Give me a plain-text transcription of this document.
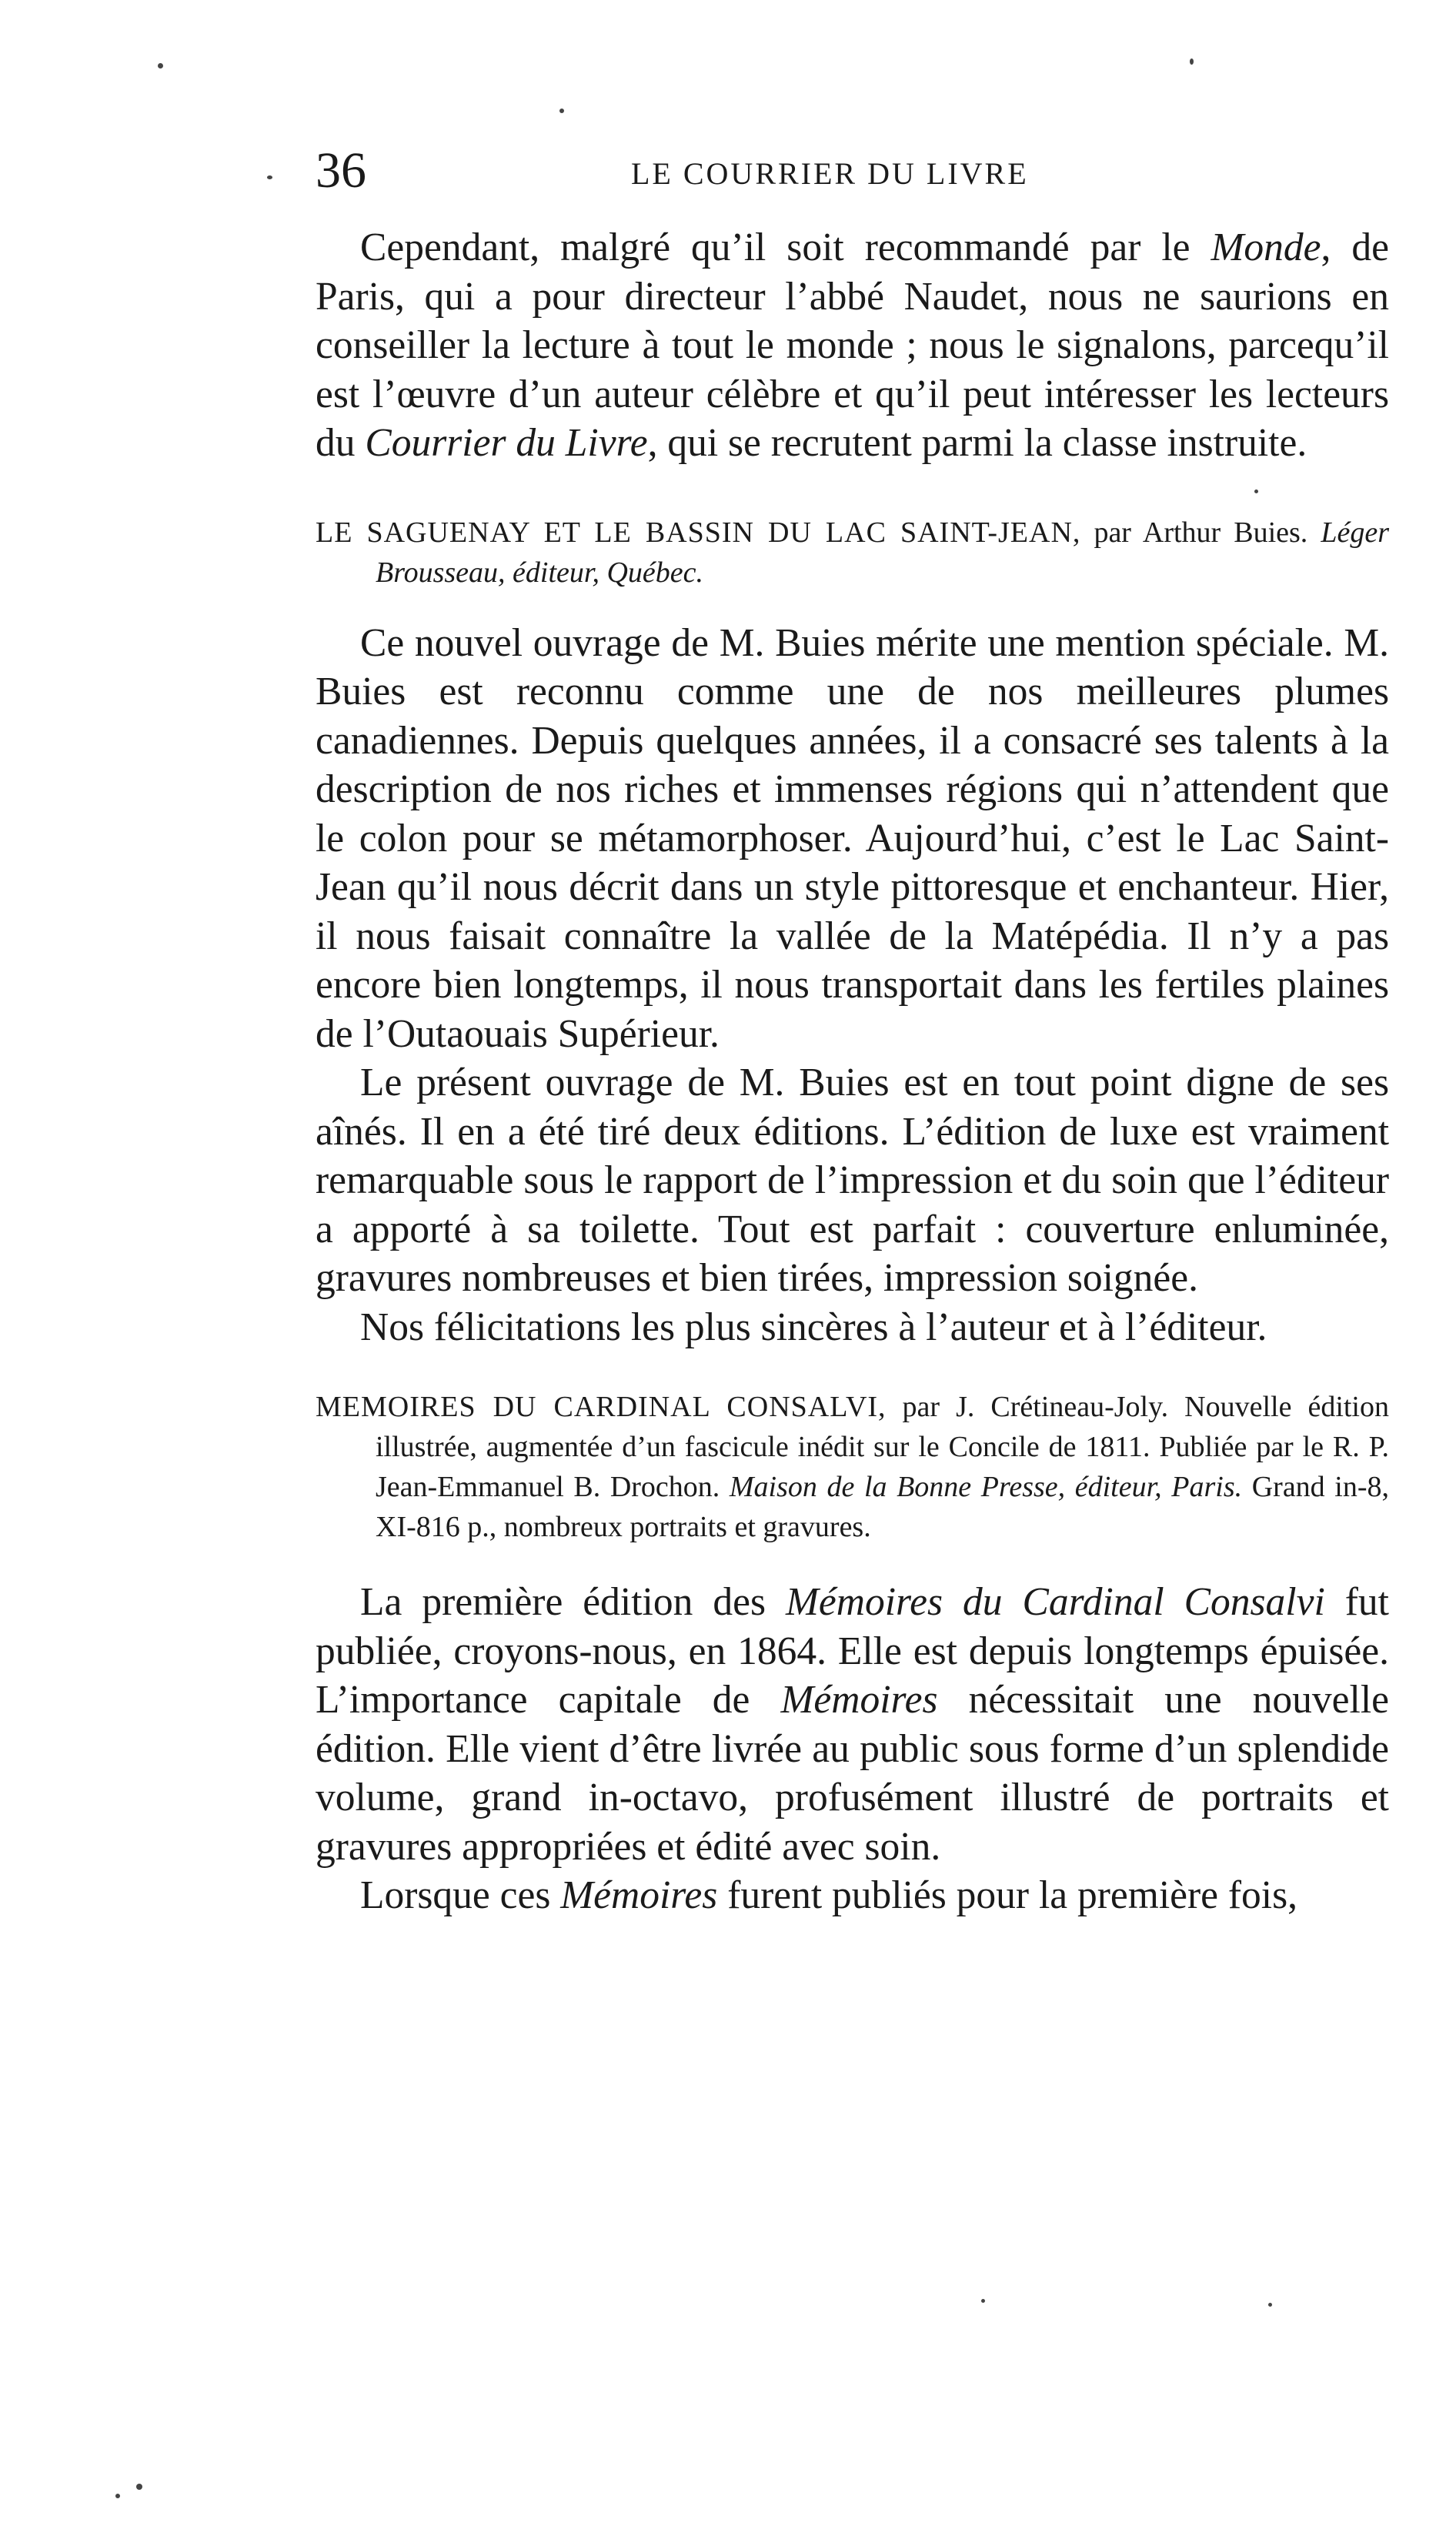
36	LE COURRIER DU LIVRE

Cependant, malgré qu’il soit recommandé par le Monde, de Paris, qui a pour directeur l’abbé Naudet, nous ne saurions en conseiller la lecture à tout le monde ; nous le signalons, parcequ’il est l’œuvre d’un auteur célèbre et qu’il peut intéresser les lecteurs du Courrier du Livre, qui se recrutent parmi la classe instruite.

LE SAGUENAY ET LE BASSIN DU LAC SAINT-JEAN, par Arthur Buies. Léger Brousseau, éditeur, Québec.

Ce nouvel ouvrage de M. Buies mérite une mention spéciale. M. Buies est reconnu comme une de nos meilleures plumes canadiennes. Depuis quelques années, il a consacré ses talents à la description de nos riches et immenses régions qui n’attendent que le colon pour se métamorphoser. Aujourd’hui, c’est le Lac Saint-Jean qu’il nous décrit dans un style pittoresque et enchanteur. Hier, il nous faisait connaître la vallée de la Matépédia. Il n’y a pas encore bien longtemps, il nous transportait dans les fertiles plaines de l’Outaouais Supérieur.

Le présent ouvrage de M. Buies est en tout point digne de ses aînés. Il en a été tiré deux éditions. L’édition de luxe est vraiment remarquable sous le rapport de l’impression et du soin que l’éditeur a apporté à sa toilette. Tout est parfait : couverture enluminée, gravures nombreuses et bien tirées, impression soignée.

Nos félicitations les plus sincères à l’auteur et à l’éditeur.

MEMOIRES DU CARDINAL CONSALVI, par J. Crétineau-Joly. Nouvelle édition illustrée, augmentée d’un fascicule inédit sur le Concile de 1811. Publiée par le R. P. Jean-Emmanuel B. Drochon. Maison de la Bonne Presse, éditeur, Paris. Grand in-8, XI-816 p., nombreux portraits et gravures.

La première édition des Mémoires du Cardinal Consalvi fut publiée, croyons-nous, en 1864. Elle est depuis longtemps épuisée. L’importance capitale de Mémoires nécessitait une nouvelle édition. Elle vient d’être livrée au public sous forme d’un splendide volume, grand in-octavo, profusément illustré de portraits et gravures appropriées et édité avec soin.

Lorsque ces Mémoires furent publiés pour la première fois,
